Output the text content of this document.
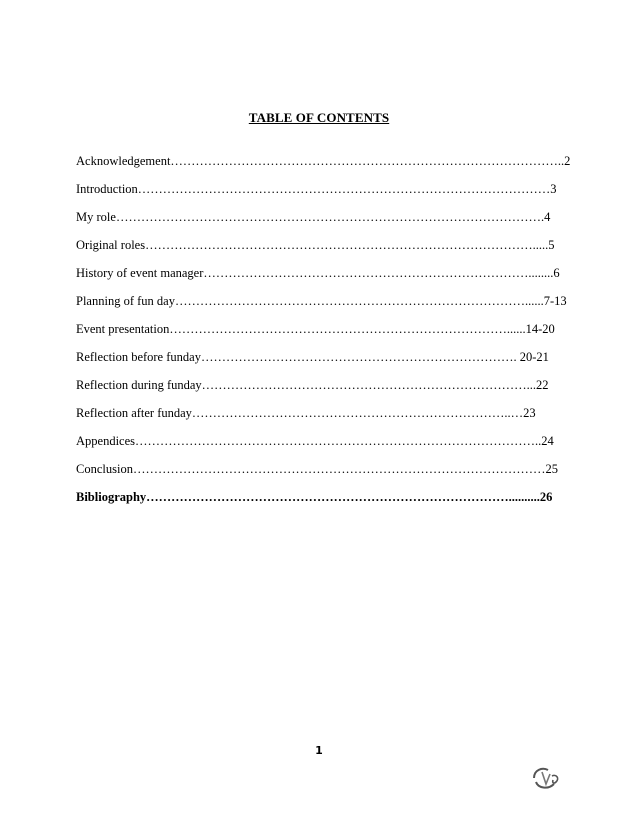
TABLE OF CONTENTS
Acknowledgement…………………………………………………………………………………..2
Introduction………………………………………………………………………………………3
My role………………………………………………………………………………………….4
Original roles………………………………………………………………………………….....5
History of event manager……………………………………………………………………........6
Planning of fun day…………………………………………………………………………......7-13
Event presentation………………………………………………………………………......14-20
Reflection before funday…………………………………………………………………. 20-21
Reflection during funday……………………………………………………………………...22
Reflection after funday…………………………………………………………………..…23
Appendices……………………………………………………………………………………..24
Conclusion………………………………………………………………………………………25
Bibliography……………………………………………………………………………..........26
1
